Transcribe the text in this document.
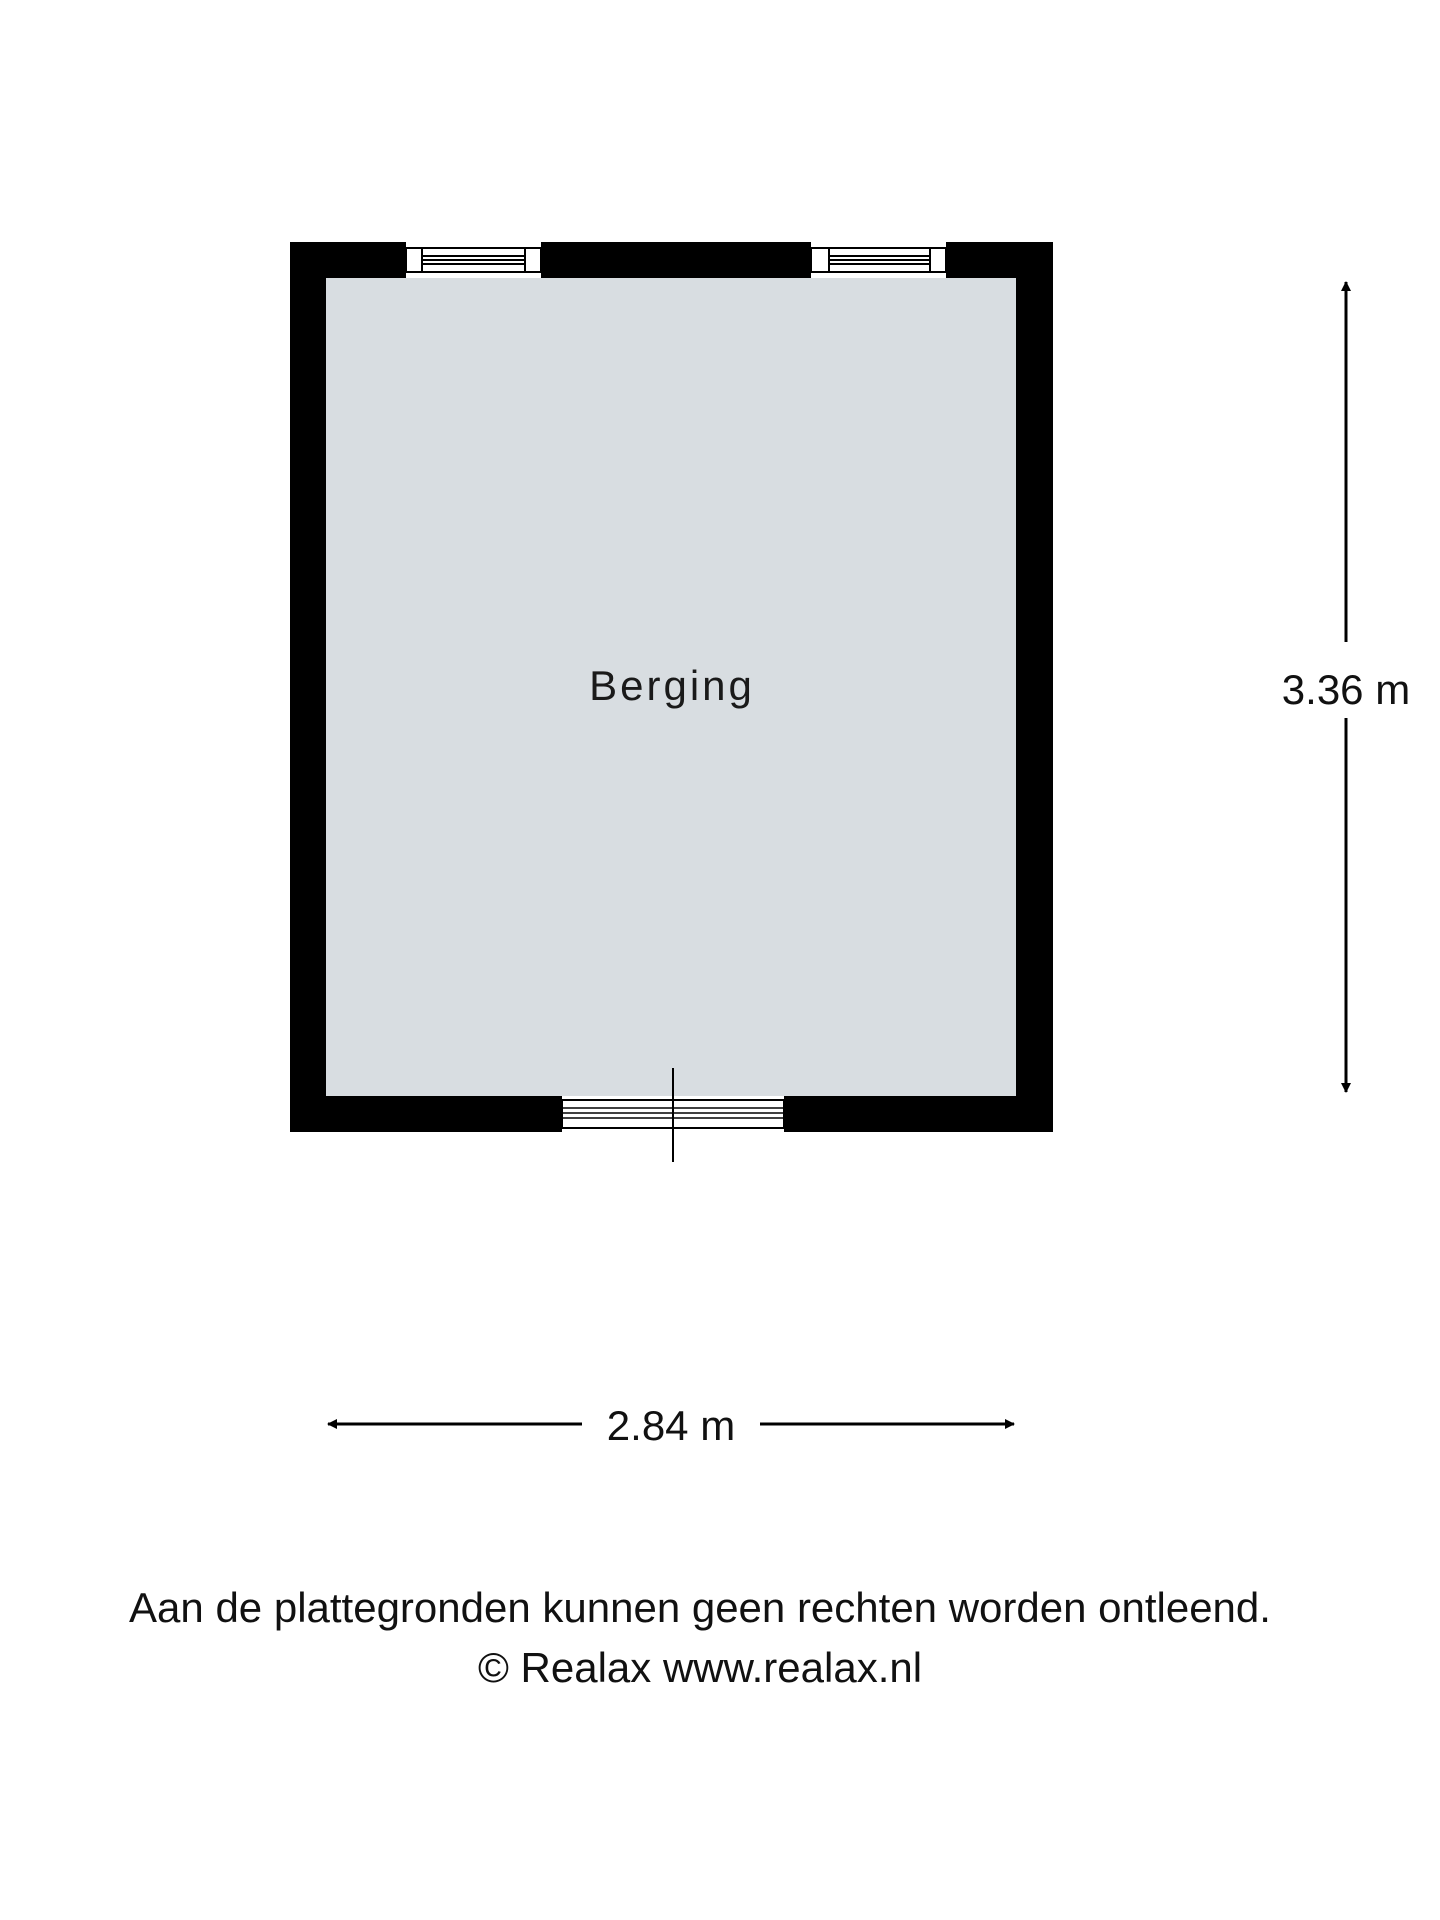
Berging	3.36 m
2.84 m
Aan de plattegronden kunnen geen rechten worden ontleend.
© Realax www.realax.nl
